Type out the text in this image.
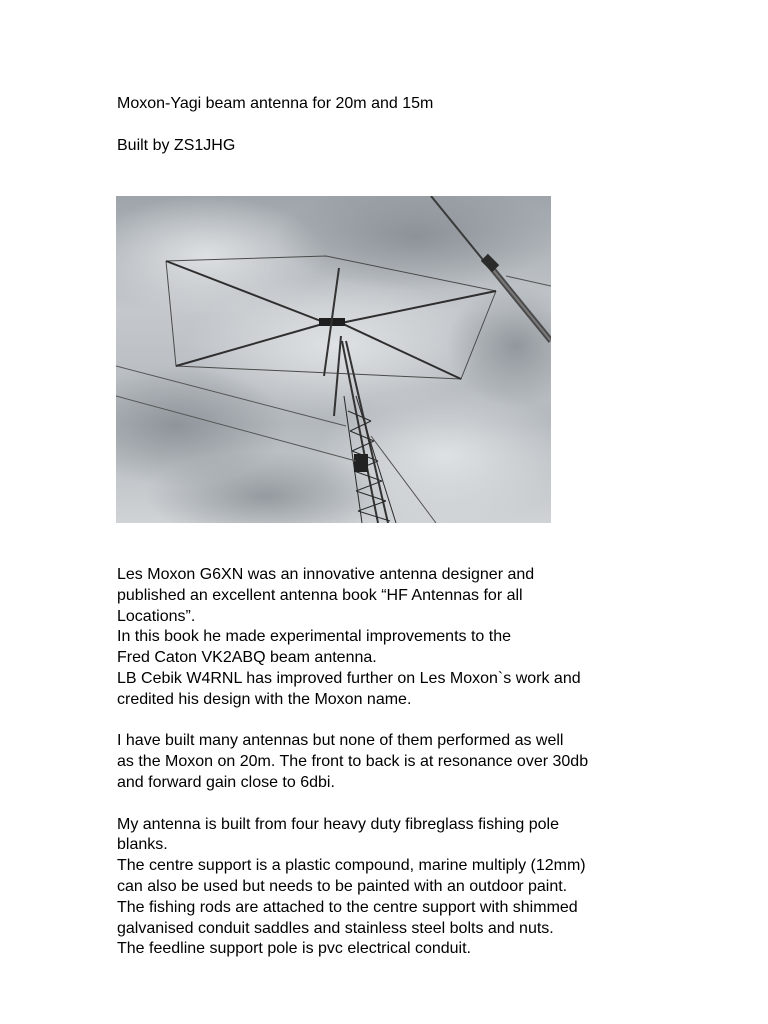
Moxon-Yagi beam antenna for 20m and 15m

Built by ZS1JHG

Les Moxon G6XN was an innovative antenna designer and
published an excellent antenna book “HF Antennas for all
Locations”.
In this book he made experimental improvements to the
Fred Caton VK2ABQ beam antenna.
LB Cebik W4RNL has improved further on Les Moxon`s work and
credited his design with the Moxon name.
I have built many antennas but none of them performed as well
as the Moxon on 20m. The front to back is at resonance over 30db
and forward gain close to 6dbi.
My antenna is built from four heavy duty fibreglass fishing pole
blanks.
The centre support is a plastic compound, marine multiply (12mm)
can also be used but needs to be painted with an outdoor paint.
The fishing rods are attached to the centre support with shimmed
galvanised conduit saddles and stainless steel bolts and nuts.
The feedline support pole is pvc electrical conduit.
